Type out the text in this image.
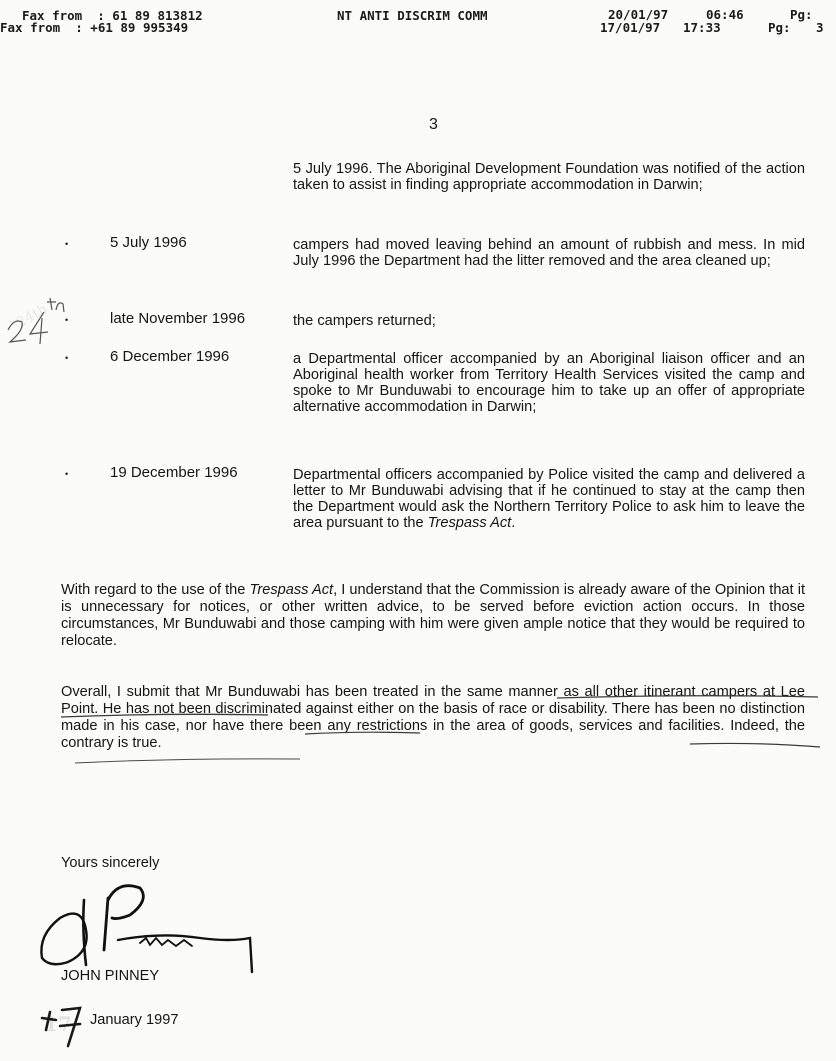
Fax from  : 61 89 813812	NT ANTI DISCRIM COMM	20/01/97	06:46	Pg:
Fax from  : +61 89 995349	17/01/97 17:33	Pg: 3
3
5 July 1996. The Aboriginal Development Foundation was notified of the action taken to assist in finding appropriate accommodation in Darwin;
•	5 July 1996	campers had moved leaving behind an amount of rubbish and mess. In mid July 1996 the Department had the litter removed and the area cleaned up;
•	late November 1996	the campers returned;
•	6 December 1996	a Departmental officer accompanied by an Aboriginal liaison officer and an Aboriginal health worker from Territory Health Services visited the camp and spoke to Mr Bunduwabi to encourage him to take up an offer of appropriate alternative accommodation in Darwin;
•	19 December 1996	Departmental officers accompanied by Police visited the camp and delivered a letter to Mr Bunduwabi advising that if he continued to stay at the camp then the Department would ask the Northern Territory Police to ask him to leave the area pursuant to the Trespass Act.
With regard to the use of the Trespass Act, I understand that the Commission is already aware of the Opinion that it is unnecessary for notices, or other written advice, to be served before eviction action occurs. In those circumstances, Mr Bunduwabi and those camping with him were given ample notice that they would be required to relocate.
Overall, I submit that Mr Bunduwabi has been treated in the same manner as all other itinerant campers at Lee Point. He has not been discriminated against either on the basis of race or disability. There has been no distinction made in his case, nor have there been any restrictions in the area of goods, services and facilities. Indeed, the contrary is true.
Yours sincerely
JOHN PINNEY
January 1997
24th
17
